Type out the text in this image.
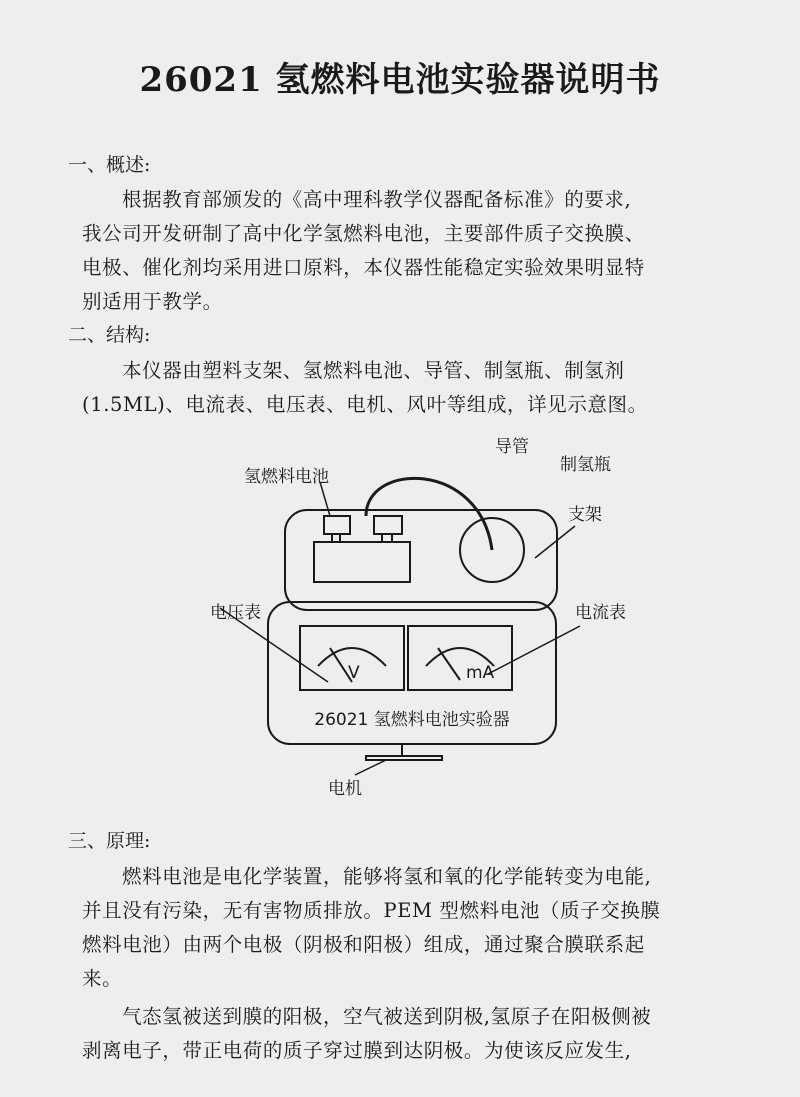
26021 氢燃料电池实验器说明书
一、概述:
根据教育部颁发的《高中理科教学仪器配备标准》的要求,
我公司开发研制了高中化学氢燃料电池，主要部件质子交换膜、
电极、催化剂均采用进口原料，本仪器性能稳定实验效果明显特
别适用于教学。
二、结构:
本仪器由塑料支架、氢燃料电池、导管、制氢瓶、制氢剂
(1.5ML)、电流表、电压表、电机、风叶等组成，详见示意图。
导管
氢燃料电池
制氢瓶
支架
电压表	电流表
V	mA
26021 氢燃料电池实验器
电机
三、原理:
燃料电池是电化学装置，能够将氢和氧的化学能转变为电能,
并且没有污染，无有害物质排放。PEM 型燃料电池（质子交换膜
燃料电池）由两个电极（阴极和阳极）组成，通过聚合膜联系起
来。
气态氢被送到膜的阳极，空气被送到阴极,氢原子在阳极侧被
剥离电子，带正电荷的质子穿过膜到达阴极。为使该反应发生,
